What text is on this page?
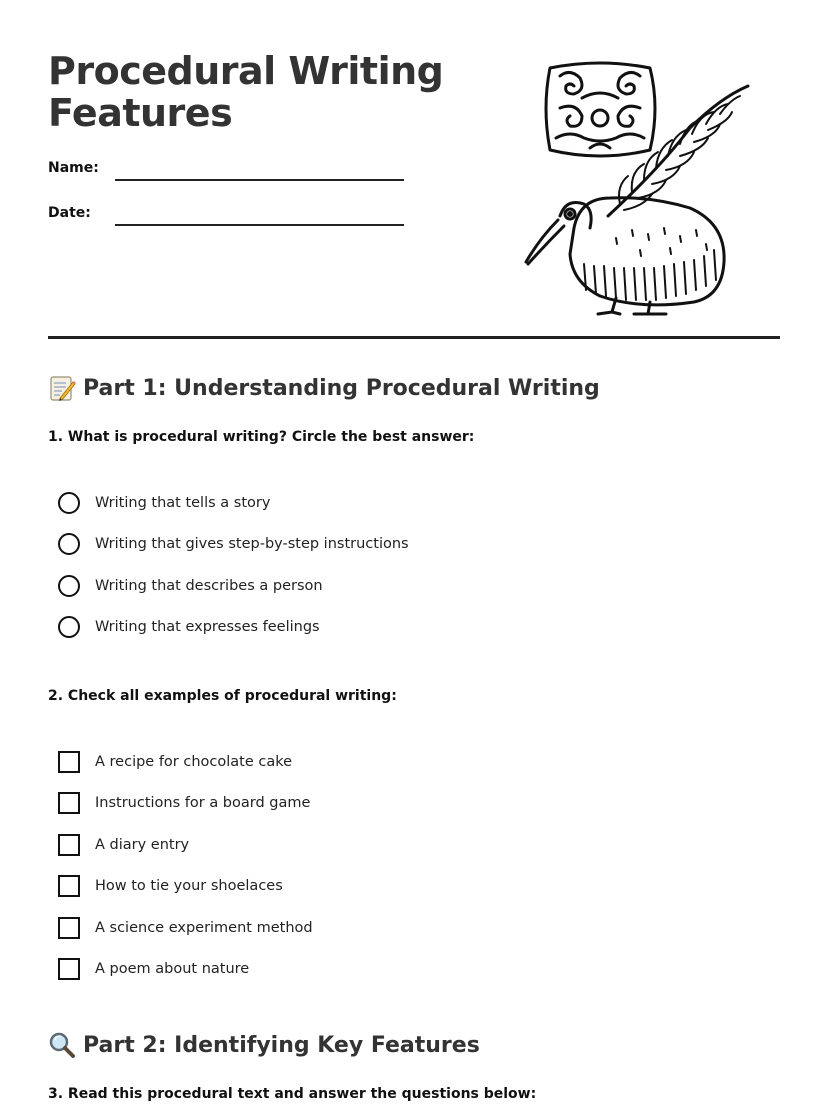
Procedural Writing
Features
Name:
Date:
Part 1: Understanding Procedural Writing
1. What is procedural writing? Circle the best answer:
Writing that tells a story
Writing that gives step-by-step instructions
Writing that describes a person
Writing that expresses feelings
2. Check all examples of procedural writing:
A recipe for chocolate cake
Instructions for a board game
A diary entry
How to tie your shoelaces
A science experiment method
A poem about nature
Part 2: Identifying Key Features
3. Read this procedural text and answer the questions below:
